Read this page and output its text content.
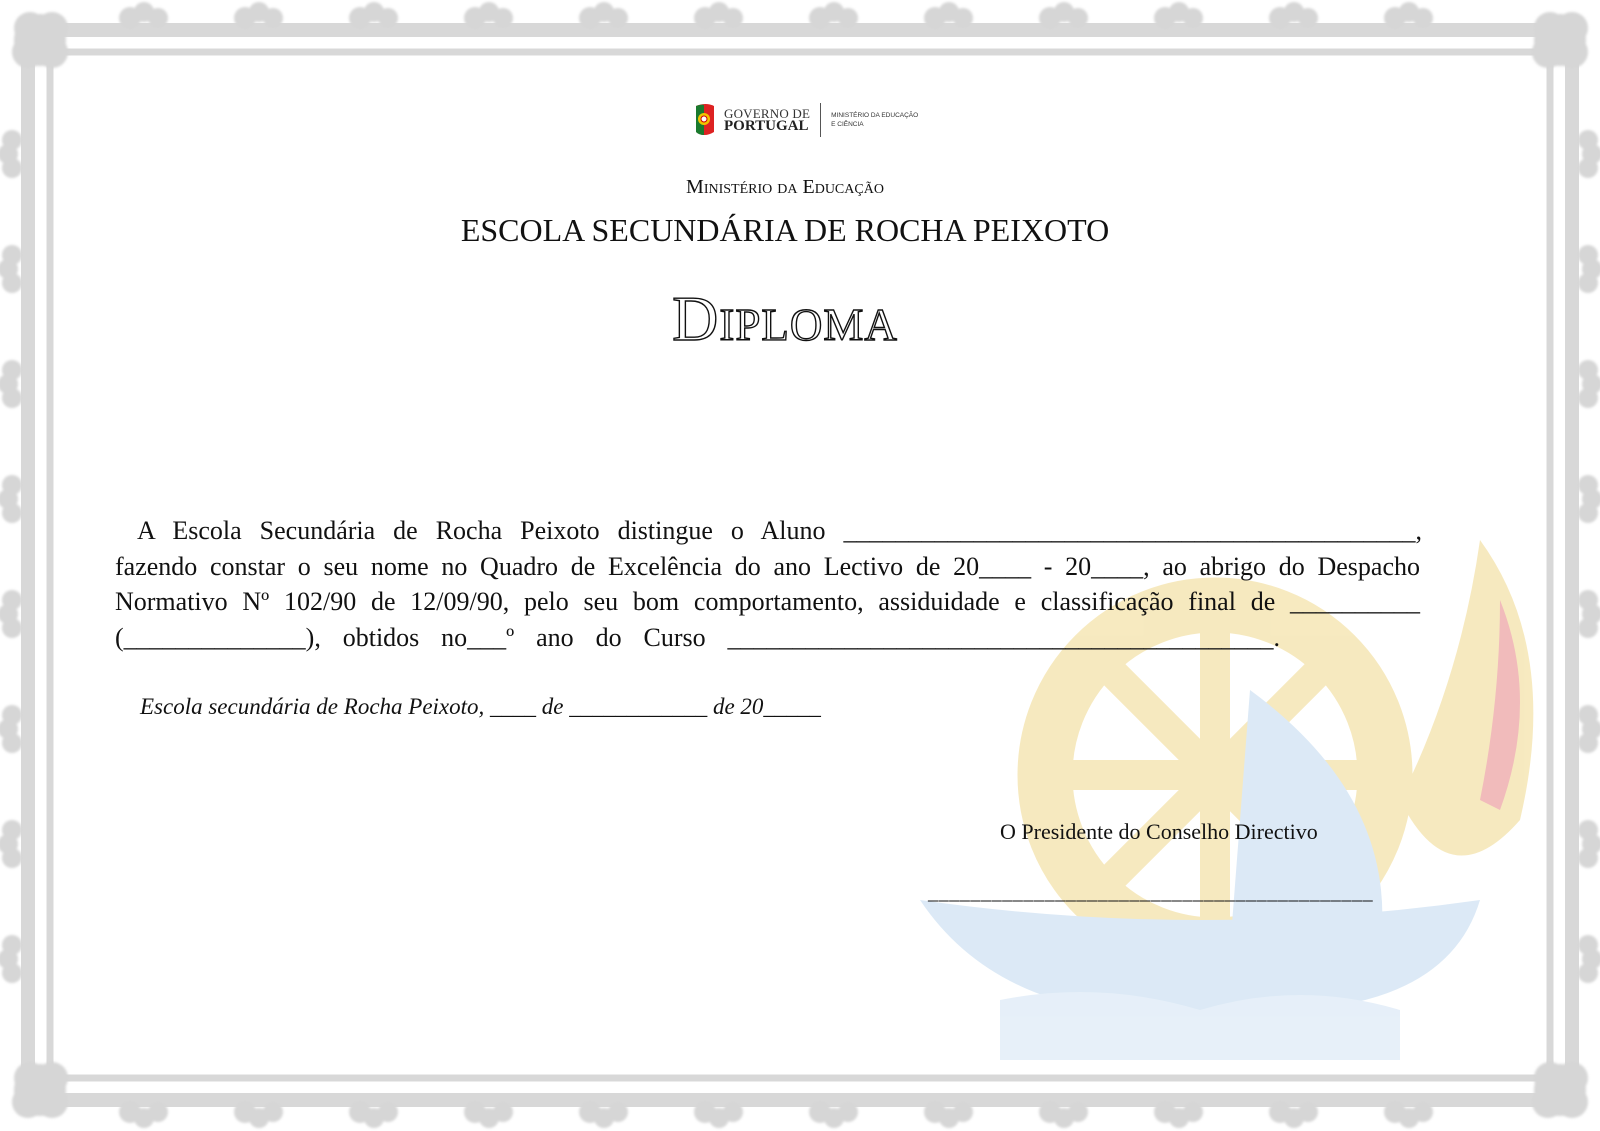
GOVERNO DE
PORTUGAL
MINISTÉRIO DA EDUCAÇÃO
E CIÊNCIA
Ministério da Educação
ESCOLA SECUNDÁRIA DE ROCHA PEIXOTO
Diploma
A Escola Secundária de Rocha Peixoto distingue o Aluno ____________________________________________,
fazendo constar o seu nome no Quadro de Excelência do ano Lectivo de 20____ - 20____, ao abrigo do Despacho
Normativo Nº 102/90 de 12/09/90, pelo seu bom comportamento, assiduidade e classificação final de __________
(______________), obtidos no___º ano do Curso __________________________________________.
Escola secundária de Rocha Peixoto, ____ de ____________ de 20_____
O Presidente do Conselho Directivo
__________________________________________
